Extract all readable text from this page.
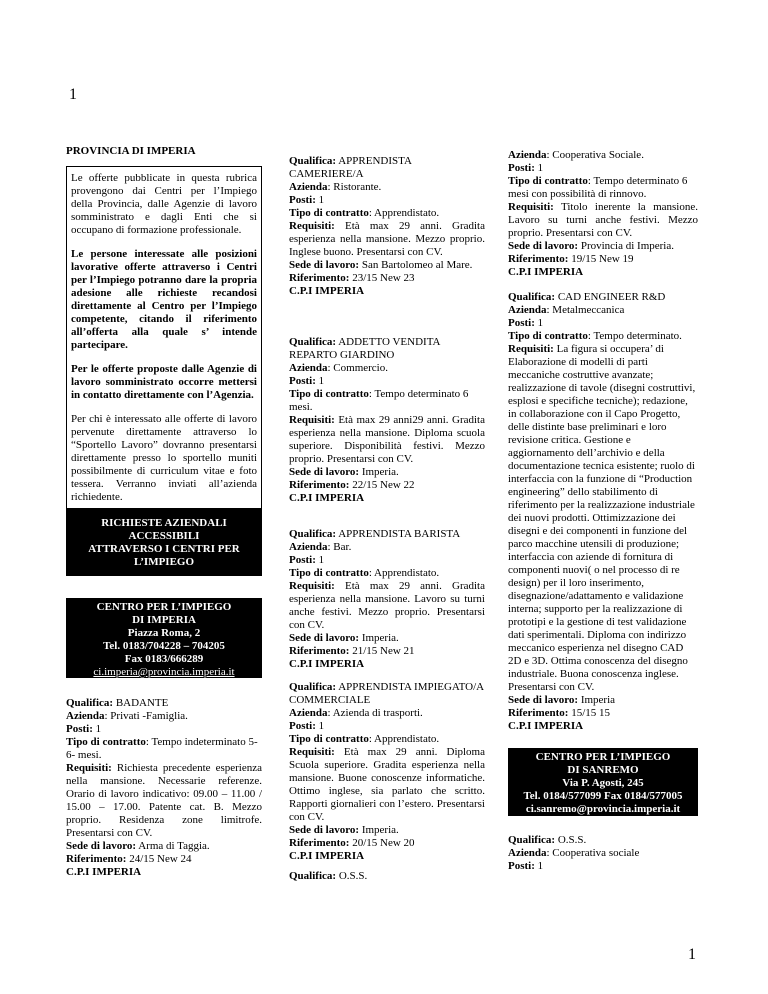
1
PROVINCIA DI IMPERIA

Le offerte pubblicate in questa rubrica provengono dai Centri per l’Impiego della Provincia, dalle Agenzie di lavoro somministrato e dagli Enti che si occupano di formazione professionale.

Le persone interessate alle posizioni lavorative offerte attraverso i Centri per l’Impiego potranno dare la propria adesione alle richieste recandosi direttamente al Centro per l’Impiego competente, citando il riferimento all’offerta alla quale s’ intende partecipare.

Per le offerte proposte dalle Agenzie di lavoro somministrato occorre mettersi in contatto direttamente con l’Agenzia.

Per chi è interessato alle offerte di lavoro pervenute direttamente attraverso lo “Sportello Lavoro” dovranno presentarsi direttamente presso lo sportello muniti possibilmente di curriculum vitae e foto tessera. Verranno inviati all’azienda richiedente.

RICHIESTE AZIENDALI
ACCESSIBILI
ATTRAVERSO I CENTRI PER
L’IMPIEGO
CENTRO PER L’IMPIEGO
DI IMPERIA
Piazza Roma, 2
Tel. 0183/704228 – 704205
Fax 0183/666289
ci.imperia@provincia.imperia.it
Qualifica: BADANTE
Azienda: Privati -Famiglia.
Posti: 1
Tipo di contratto: Tempo indeterminato 5-6- mesi.
Requisiti: Richiesta precedente esperienza nella mansione. Necessarie referenze. Orario di lavoro indicativo: 09.00 – 11.00 / 15.00 – 17.00. Patente cat. B. Mezzo proprio. Residenza zone limitrofe. Presentarsi con CV.
Sede di lavoro: Arma di Taggia.
Riferimento: 24/15 New 24
C.P.I IMPERIA
Qualifica: APPRENDISTA CAMERIERE/A
Azienda: Ristorante.
Posti: 1
Tipo di contratto: Apprendistato.
Requisiti: Età max 29 anni. Gradita esperienza nella mansione. Mezzo proprio. Inglese buono. Presentarsi con CV.
Sede di lavoro: San Bartolomeo al Mare.
Riferimento: 23/15 New 23
C.P.I IMPERIA
Qualifica: ADDETTO VENDITA REPARTO GIARDINO
Azienda: Commercio.
Posti: 1
Tipo di contratto: Tempo determinato 6 mesi.
Requisiti: Età max 29 anni29 anni. Gradita esperienza nella mansione. Diploma scuola superiore. Disponibilità festivi. Mezzo proprio. Presentarsi con CV.
Sede di lavoro: Imperia.
Riferimento: 22/15 New 22
C.P.I IMPERIA
Qualifica: APPRENDISTA BARISTA
Azienda: Bar.
Posti: 1
Tipo di contratto: Apprendistato.
Requisiti: Età max 29 anni. Gradita esperienza nella mansione. Lavoro su turni anche festivi. Mezzo proprio. Presentarsi con CV.
Sede di lavoro: Imperia.
Riferimento: 21/15 New 21
C.P.I IMPERIA
Qualifica: APPRENDISTA IMPIEGATO/A COMMERCIALE
Azienda: Azienda di trasporti.
Posti: 1
Tipo di contratto: Apprendistato.
Requisiti: Età max 29 anni. Diploma Scuola superiore. Gradita esperienza nella mansione. Buone conoscenze informatiche. Ottimo inglese, sia parlato che scritto. Rapporti giornalieri con l’estero. Presentarsi con CV.
Sede di lavoro: Imperia.
Riferimento: 20/15 New 20
C.P.I IMPERIA
Qualifica: O.S.S.
Azienda: Cooperativa Sociale.
Posti: 1
Tipo di contratto: Tempo determinato 6 mesi con possibilità di rinnovo.
Requisiti: Titolo inerente la mansione. Lavoro su turni anche festivi. Mezzo proprio. Presentarsi con CV.
Sede di lavoro: Provincia di Imperia.
Riferimento: 19/15 New 19
C.P.I IMPERIA
Qualifica: CAD ENGINEER R&D
Azienda: Metalmeccanica
Posti: 1
Tipo di contratto: Tempo determinato.
Requisiti: La figura si occupera’ di Elaborazione di modelli di parti meccaniche costruttive avanzate; realizzazione di tavole (disegni costruttivi, esplosi e specifiche tecniche); redazione, in collaborazione con il Capo Progetto, delle distinte base preliminari e loro revisione critica. Gestione e aggiornamento dell’archivio e della documentazione tecnica esistente; ruolo di interfaccia con la funzione di “Production engineering” dello stabilimento di riferimento per la realizzazione industriale dei nuovi prodotti. Ottimizzazione dei disegni e dei componenti in funzione del parco macchine utensili di produzione; interfaccia con aziende di fornitura di componenti nuovi( o nel processo di re design) per il loro inserimento, disegnazione/adattamento e validazione interna; supporto per la realizzazione di prototipi e la gestione di test validazione dati sperimentali. Diploma con indirizzo meccanico esperienza nel disegno CAD 2D e 3D. Ottima conoscenza del disegno industriale. Buona conoscenza inglese. Presentarsi con CV.
Sede di lavoro: Imperia
Riferimento: 15/15 15
C.P.I IMPERIA
CENTRO PER L’IMPIEGO
DI SANREMO
Via P. Agosti, 245
Tel. 0184/577099 Fax 0184/577005
ci.sanremo@provincia.imperia.it
Qualifica: O.S.S.
Azienda: Cooperativa sociale
Posti: 1
1
